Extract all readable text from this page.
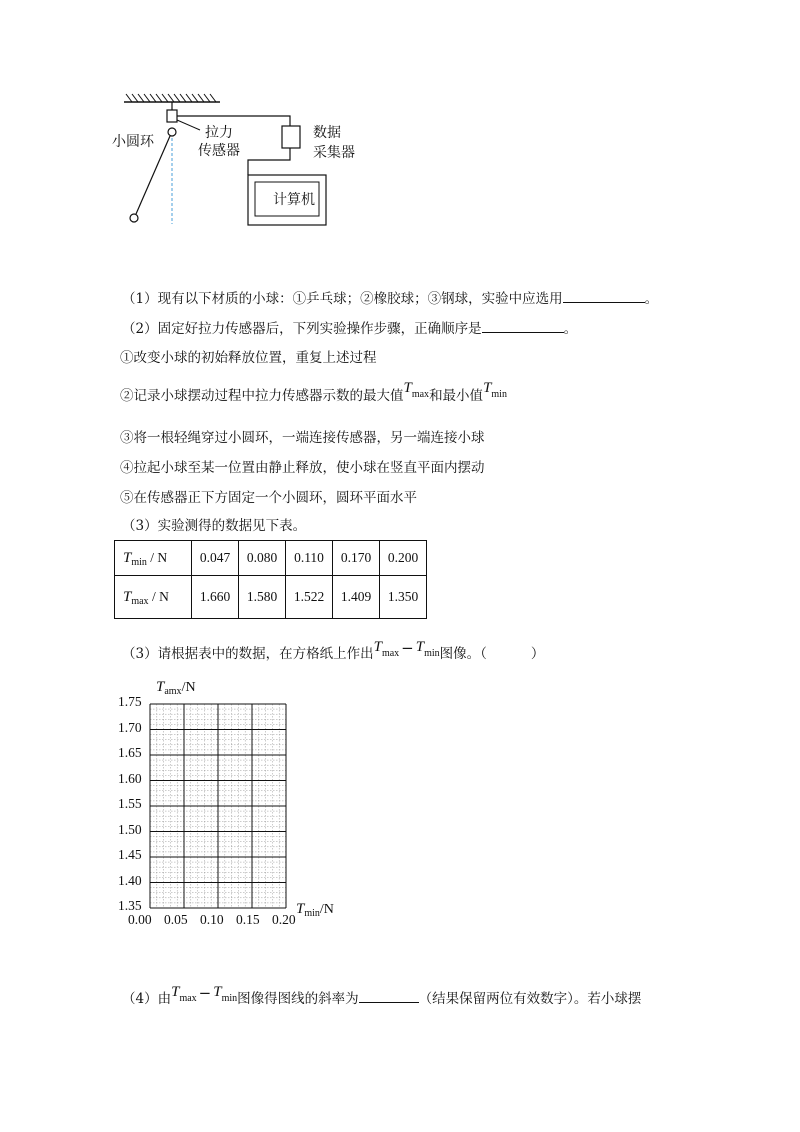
小圆环
拉力
传感器
数据
采集器
计算机
（1）现有以下材质的小球：①乒乓球；②橡胶球；③钢球，实验中应选用	。
（2）固定好拉力传感器后，下列实验操作步骤，正确顺序是	。
①改变小球的初始释放位置，重复上述过程
②记录小球摆动过程中拉力传感器示数的最大值$T^{max}$和最小值$T^{min}$
③将一根轻绳穿过小圆环，一端连接传感器，另一端连接小球
④拉起小球至某一位置由静止释放，使小球在竖直平面内摆动
⑤在传感器正下方固定一个小圆环，圆环平面水平
（3）实验测得的数据见下表。
$T_{min}$ / N	0.047	0.080	0.110	0.170	0.200
$T_{max}$ / N	1.660	1.580	1.522	1.409	1.350
（3）请根据表中的数据，在方格纸上作出Tmax − Tmin图像。（	）
Tamx/N
1.75
1.70
1.65
1.60
1.55
1.50
1.45
1.40
1.35
0.00 0.05 0.10 0.15 0.20
Tmin/N
（4）由Tmax − Tmin图像得图线的斜率为	（结果保留两位有效数字）。若小球摆
